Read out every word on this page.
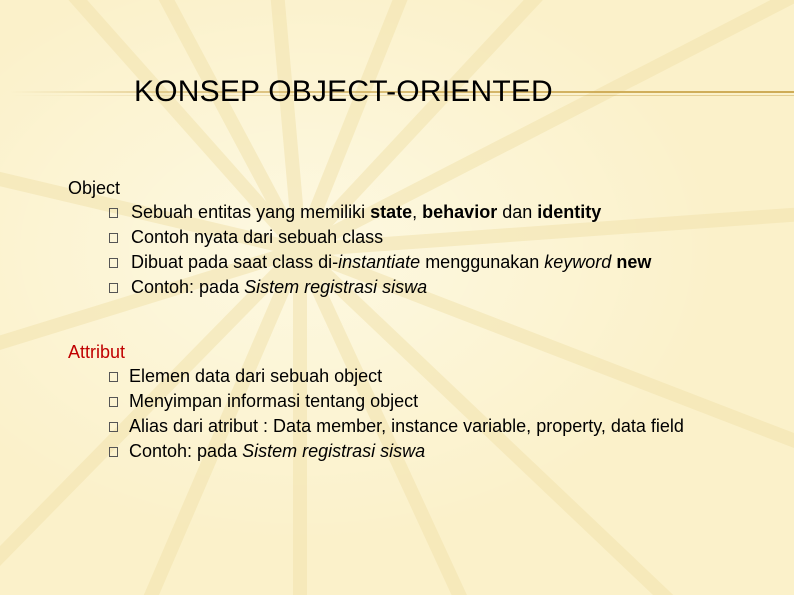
KONSEP OBJECT-ORIENTED
Object
Sebuah entitas yang memiliki state, behavior dan identity
Contoh nyata dari sebuah class
Dibuat pada saat class di-instantiate menggunakan keyword new
Contoh: pada Sistem registrasi siswa
Attribut
Elemen data dari sebuah object
Menyimpan informasi tentang object
Alias dari atribut : Data member, instance variable, property, data field
Contoh: pada Sistem registrasi siswa
